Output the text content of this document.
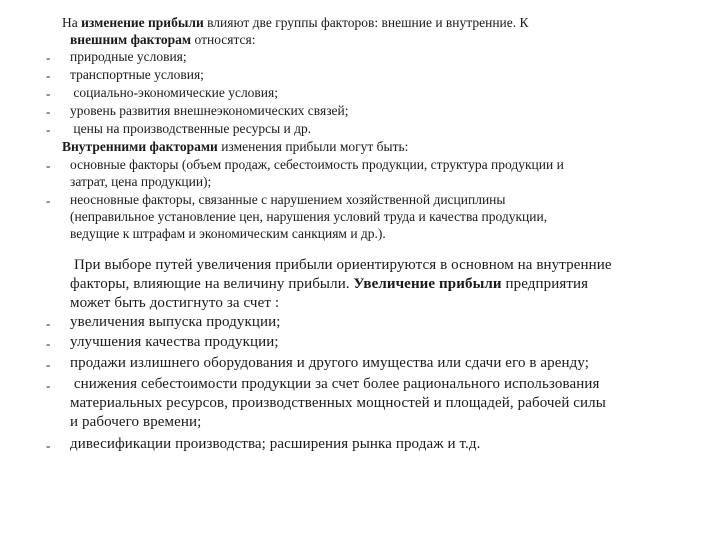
На изменение прибыли влияют две группы факторов: внешние и внутренние. К
внешним факторам относятся:
- природные условия;
- транспортные условия;
- социально-экономические условия;
- уровень развития внешнеэкономических связей;
- цены на производственные ресурсы и др.
Внутренними факторами изменения прибыли могут быть:
- основные факторы (объем продаж, себестоимость продукции, структура продукции и
затрат, цена продукции);
- неосновные факторы, связанные с нарушением хозяйственной дисциплины
(неправильное установление цен, нарушения условий труда и качества продукции,
ведущие к штрафам и экономическим санкциям и др.).
При выборе путей увеличения прибыли ориентируются в основном на внутренние
факторы, влияющие на величину прибыли. Увеличение прибыли предприятия
может быть достигнуто за счет :
- увеличения выпуска продукции;
- улучшения качества продукции;
- продажи излишнего оборудования и другого имущества или сдачи его в аренду;
- снижения себестоимости продукции за счет более рационального использования
материальных ресурсов, производственных мощностей и площадей, рабочей силы
и рабочего времени;
- дивесификации производства; расширения рынка продаж и т.д.
